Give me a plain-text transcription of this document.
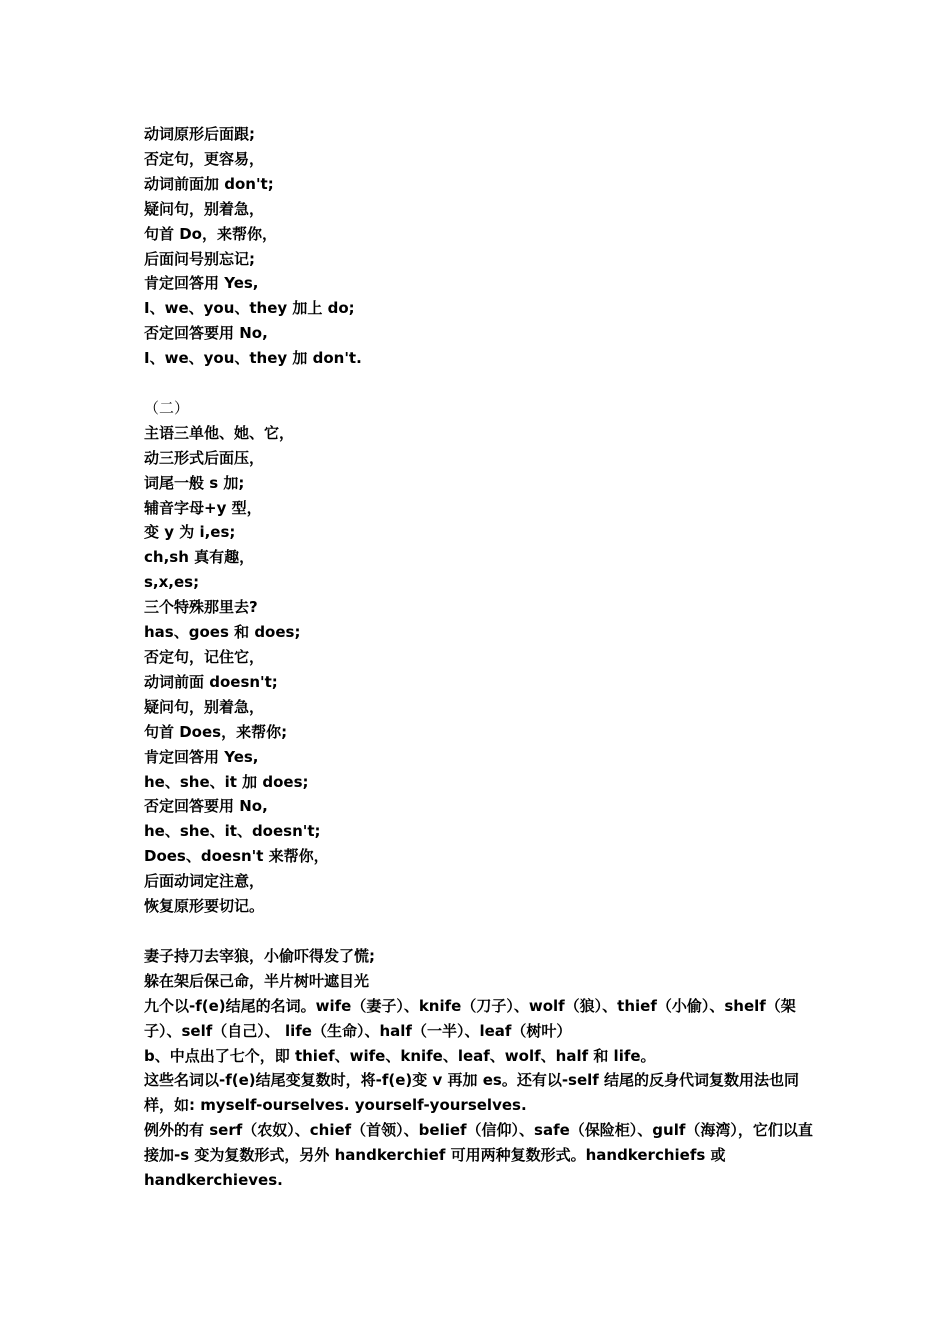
动词原形后面跟;
否定句，更容易，
动词前面加 don't;
疑问句，别着急，
句首 Do，来帮你，
后面问号别忘记;
肯定回答用 Yes,
I、we、you、they 加上 do;
否定回答要用 No,
I、we、you、they 加 don't.
（二）
主语三单他、她、它，
动三形式后面压，
词尾一般 s 加;
辅音字母+y 型，
变 y 为 i,es;
ch,sh 真有趣，
s,x,es;
三个特殊那里去?
has、goes 和 does;
否定句，记住它，
动词前面 doesn't;
疑问句，别着急，
句首 Does，来帮你;
肯定回答用 Yes,
he、she、it 加 does;
否定回答要用 No,
he、she、it、doesn't;
Does、doesn't 来帮你，
后面动词定注意，
恢复原形要切记。
妻子持刀去宰狼，小偷吓得发了慌;
躲在架后保己命，半片树叶遮目光
九个以-f(e)结尾的名词。wife（妻子）、knife（刀子）、wolf（狼）、thief（小偷）、shelf（架子）、self（自己）、 life（生命）、half（一半）、leaf（树叶）
b、中点出了七个，即 thief、wife、knife、leaf、wolf、half 和 life。
这些名词以-f(e)结尾变复数时，将-f(e)变 v 再加 es。还有以-self 结尾的反身代词复数用法也同样，如: myself-ourselves. yourself-yourselves.
例外的有 serf（农奴）、chief（首领）、belief（信仰）、safe（保险柜）、gulf（海湾），它们以直接加-s 变为复数形式，另外 handkerchief 可用两种复数形式。handkerchiefs 或 handkerchieves.
